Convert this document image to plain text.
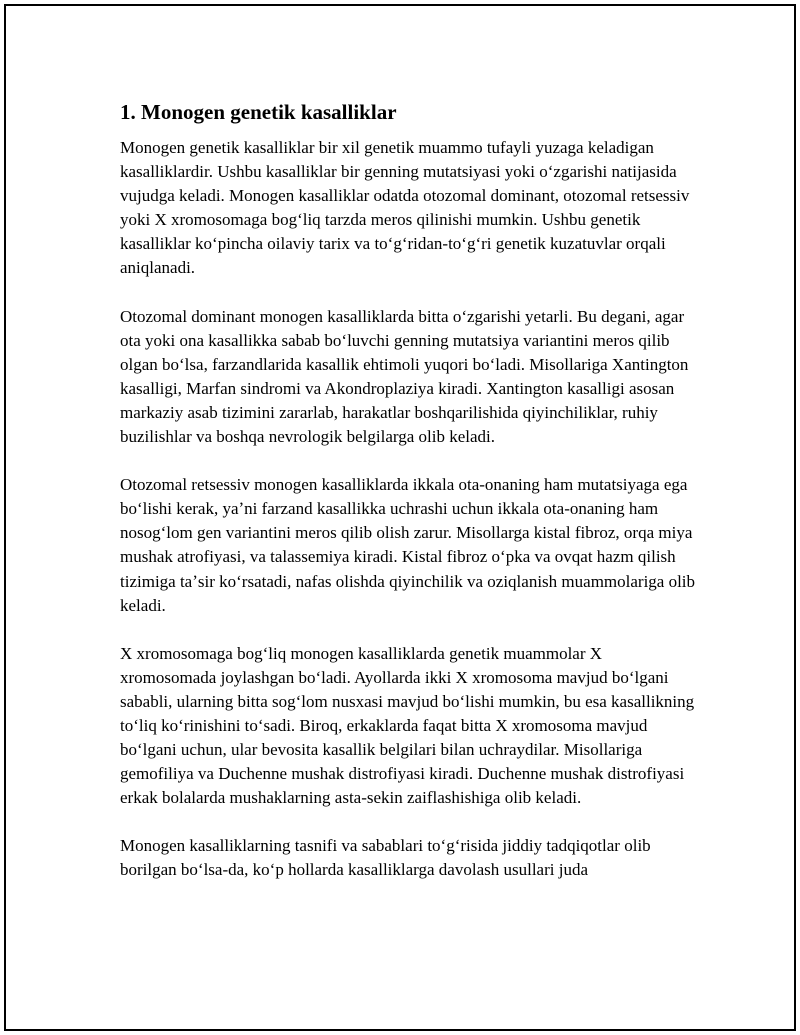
1. Monogen genetik kasalliklar

Monogen genetik kasalliklar bir xil genetik muammo tufayli yuzaga keladigan kasalliklardir. Ushbu kasalliklar bir genning mutatsiyasi yoki oʻzgarishi natijasida vujudga keladi. Monogen kasalliklar odatda otozomal dominant, otozomal retsessiv yoki X xromosomaga bogʻliq tarzda meros qilinishi mumkin. Ushbu genetik kasalliklar koʻpincha oilaviy tarix va toʻgʻridan-toʻgʻri genetik kuzatuvlar orqali aniqlanadi.

Otozomal dominant monogen kasalliklarda bitta oʻzgarishi yetarli. Bu degani, agar ota yoki ona kasallikka sabab boʻluvchi genning mutatsiya variantini meros qilib olgan boʻlsa, farzandlarida kasallik ehtimoli yuqori boʻladi. Misollariga Xantington kasalligi, Marfan sindromi va Akondroplaziya kiradi. Xantington kasalligi asosan markaziy asab tizimini zararlab, harakatlar boshqarilishida qiyinchiliklar, ruhiy buzilishlar va boshqa nevrologik belgilarga olib keladi.

Otozomal retsessiv monogen kasalliklarda ikkala ota-onaning ham mutatsiyaga ega boʻlishi kerak, yaʼni farzand kasallikka uchrashi uchun ikkala ota-onaning ham nosogʻlom gen variantini meros qilib olish zarur. Misollarga kistal fibroz, orqa miya mushak atrofiyasi, va talassemiya kiradi. Kistal fibroz oʻpka va ovqat hazm qilish tizimiga taʼsir koʻrsatadi, nafas olishda qiyinchilik va oziqlanish muammolariga olib keladi.

X xromosomaga bogʻliq monogen kasalliklarda genetik muammolar X xromosomada joylashgan boʻladi. Ayollarda ikki X xromosoma mavjud boʻlgani sababli, ularning bitta sogʻlom nusxasi mavjud boʻlishi mumkin, bu esa kasallikning toʻliq koʻrinishini toʻsadi. Biroq, erkaklarda faqat bitta X xromosoma mavjud boʻlgani uchun, ular bevosita kasallik belgilari bilan uchraydilar. Misollariga gemofiliya va Duchenne mushak distrofiyasi kiradi. Duchenne mushak distrofiyasi erkak bolalarda mushaklarning asta-sekin zaiflashishiga olib keladi.

Monogen kasalliklarning tasnifi va sabablari toʻgʻrisida jiddiy tadqiqotlar olib borilgan boʻlsa-da, koʻp hollarda kasalliklarga davolash usullari juda
